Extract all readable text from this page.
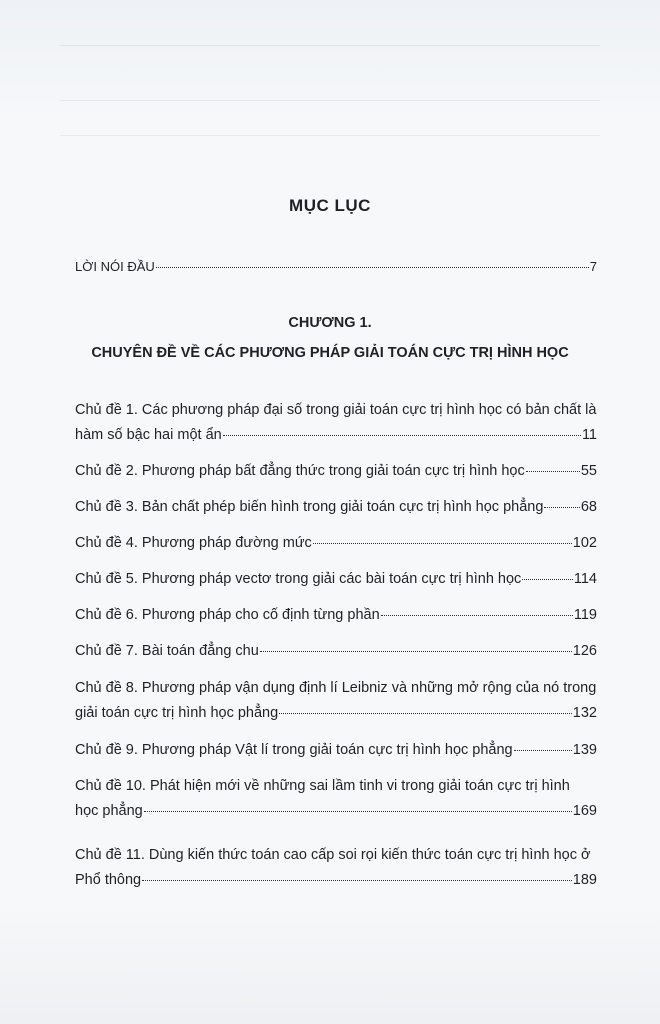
MỤC LỤC
LỜI NÓI ĐẦU	7
CHƯƠNG 1.
CHUYÊN ĐỀ VỀ CÁC PHƯƠNG PHÁP GIẢI TOÁN CỰC TRỊ HÌNH HỌC
Chủ đề 1. Các phương pháp đại số trong giải toán cực trị hình học có bản chất là
hàm số bậc hai một ẩn	11
Chủ đề 2. Phương pháp bất đẳng thức trong giải toán cực trị hình học	55
Chủ đề 3. Bản chất phép biến hình trong giải toán cực trị hình học phẳng	68
Chủ đề 4. Phương pháp đường mức	102
Chủ đề 5. Phương pháp vectơ trong giải các bài toán cực trị hình học	114
Chủ đề 6. Phương pháp cho cố định từng phần	119
Chủ đề 7. Bài toán đẳng chu	126
Chủ đề 8. Phương pháp vận dụng định lí Leibniz và những mở rộng của nó trong
giải toán cực trị hình học phẳng	132
Chủ đề 9. Phương pháp Vật lí trong giải toán cực trị hình học phẳng	139
Chủ đề 10. Phát hiện mới về những sai lầm tinh vi trong giải toán cực trị hình
học phẳng	169
Chủ đề 11. Dùng kiến thức toán cao cấp soi rọi kiến thức toán cực trị hình học ở
Phổ thông	189
